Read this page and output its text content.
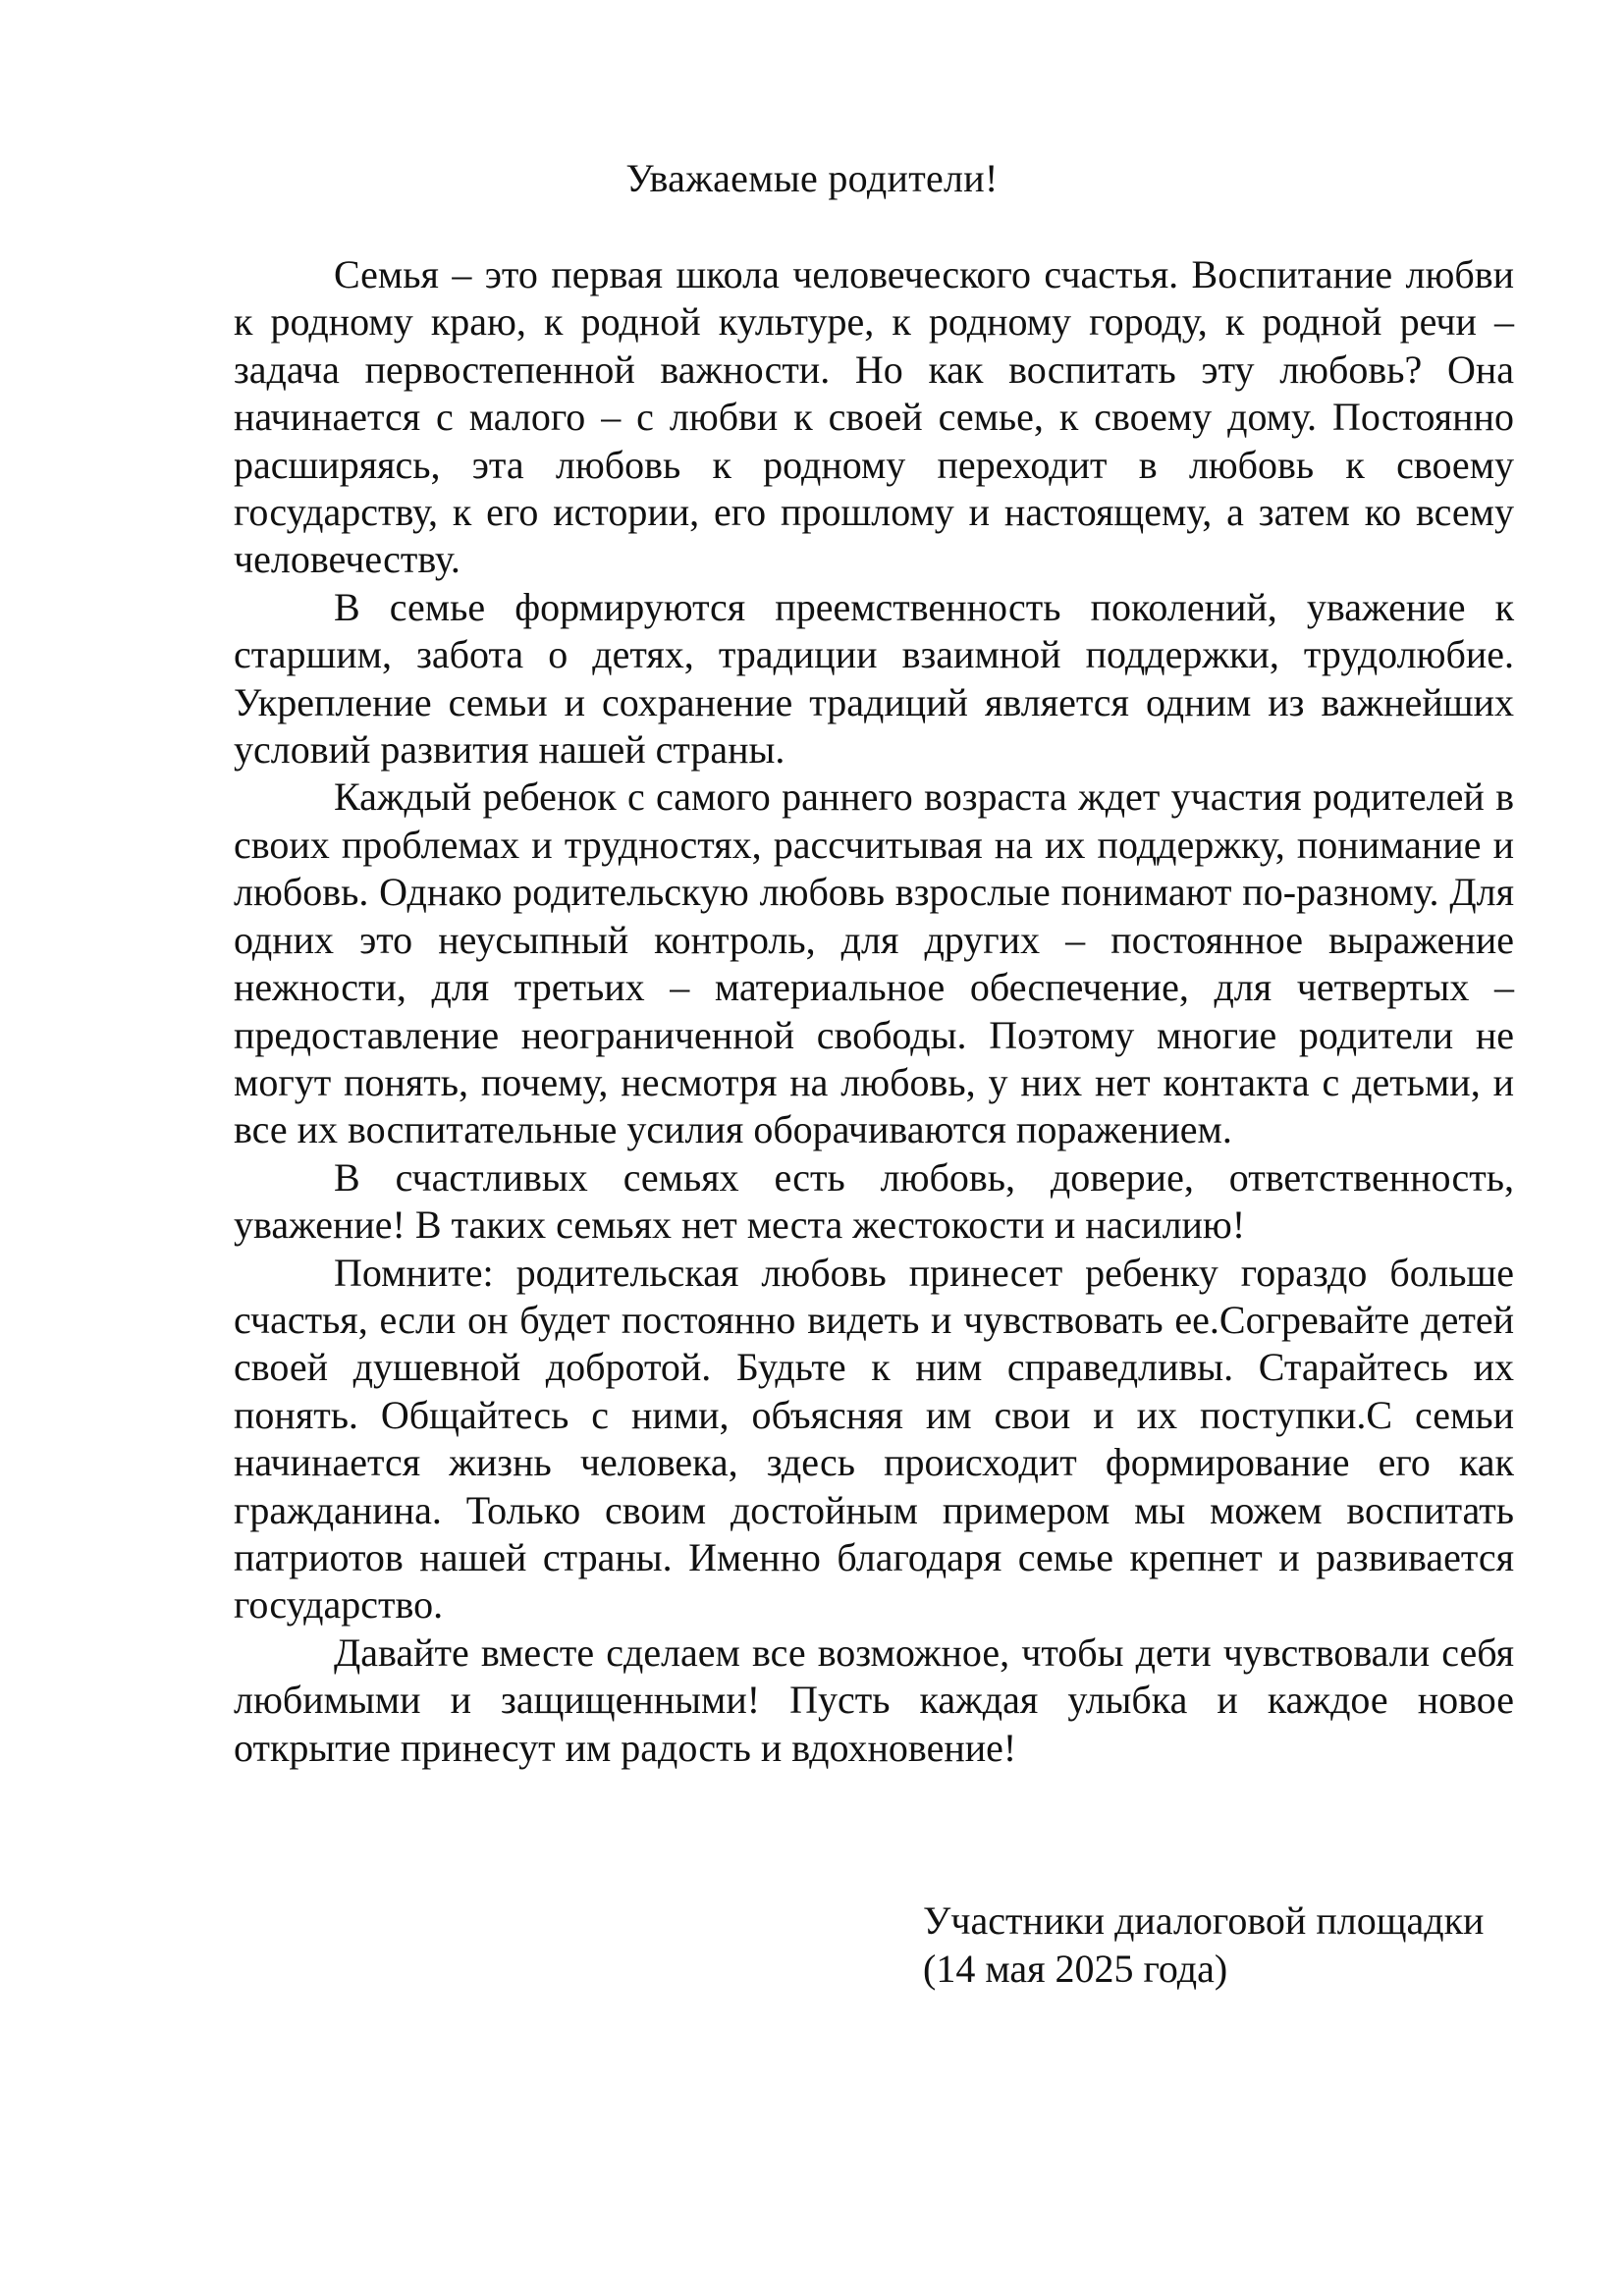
Уважаемые родители!

Семья – это первая школа человеческого счастья. Воспитание любви к родному краю, к родной культуре, к родному городу, к родной речи – задача первостепенной важности. Но как воспитать эту любовь? Она начинается с малого – с любви к своей семье, к своему дому. Постоянно расширяясь, эта любовь к родному переходит в любовь к своему государству, к его истории, его прошлому и настоящему, а затем ко всему человечеству.

В семье формируются преемственность поколений, уважение к старшим, забота о детях, традиции взаимной поддержки, трудолюбие. Укрепление семьи и сохранение традиций является одним из важнейших условий развития нашей страны.

Каждый ребенок с самого раннего возраста ждет участия родителей в своих проблемах и трудностях, рассчитывая на их поддержку, понимание и любовь. Однако родительскую любовь взрослые понимают по-разному. Для одних это неусыпный контроль, для других – постоянное выражение нежности, для третьих – материальное обеспечение, для четвертых – предоставление неограниченной свободы. Поэтому многие родители не могут понять, почему, несмотря на любовь, у них нет контакта с детьми, и все их воспитательные усилия оборачиваются поражением.

В счастливых семьях есть любовь, доверие, ответственность, уважение! В таких семьях нет места жестокости и насилию!

Помните: родительская любовь принесет ребенку гораздо больше счастья, если он будет постоянно видеть и чувствовать ее.Согревайте детей своей душевной добротой. Будьте к ним справедливы. Старайтесь их понять. Общайтесь с ними, объясняя им свои и их поступки.С семьи начинается жизнь человека, здесь происходит формирование его как гражданина. Только своим достойным примером мы можем воспитать патриотов нашей страны. Именно благодаря семье крепнет и развивается государство.

Давайте вместе сделаем все возможное, чтобы дети чувствовали себя любимыми и защищенными! Пусть каждая улыбка и каждое новое открытие принесут им радость и вдохновение!

Участники диалоговой площадки
(14 мая 2025 года)
